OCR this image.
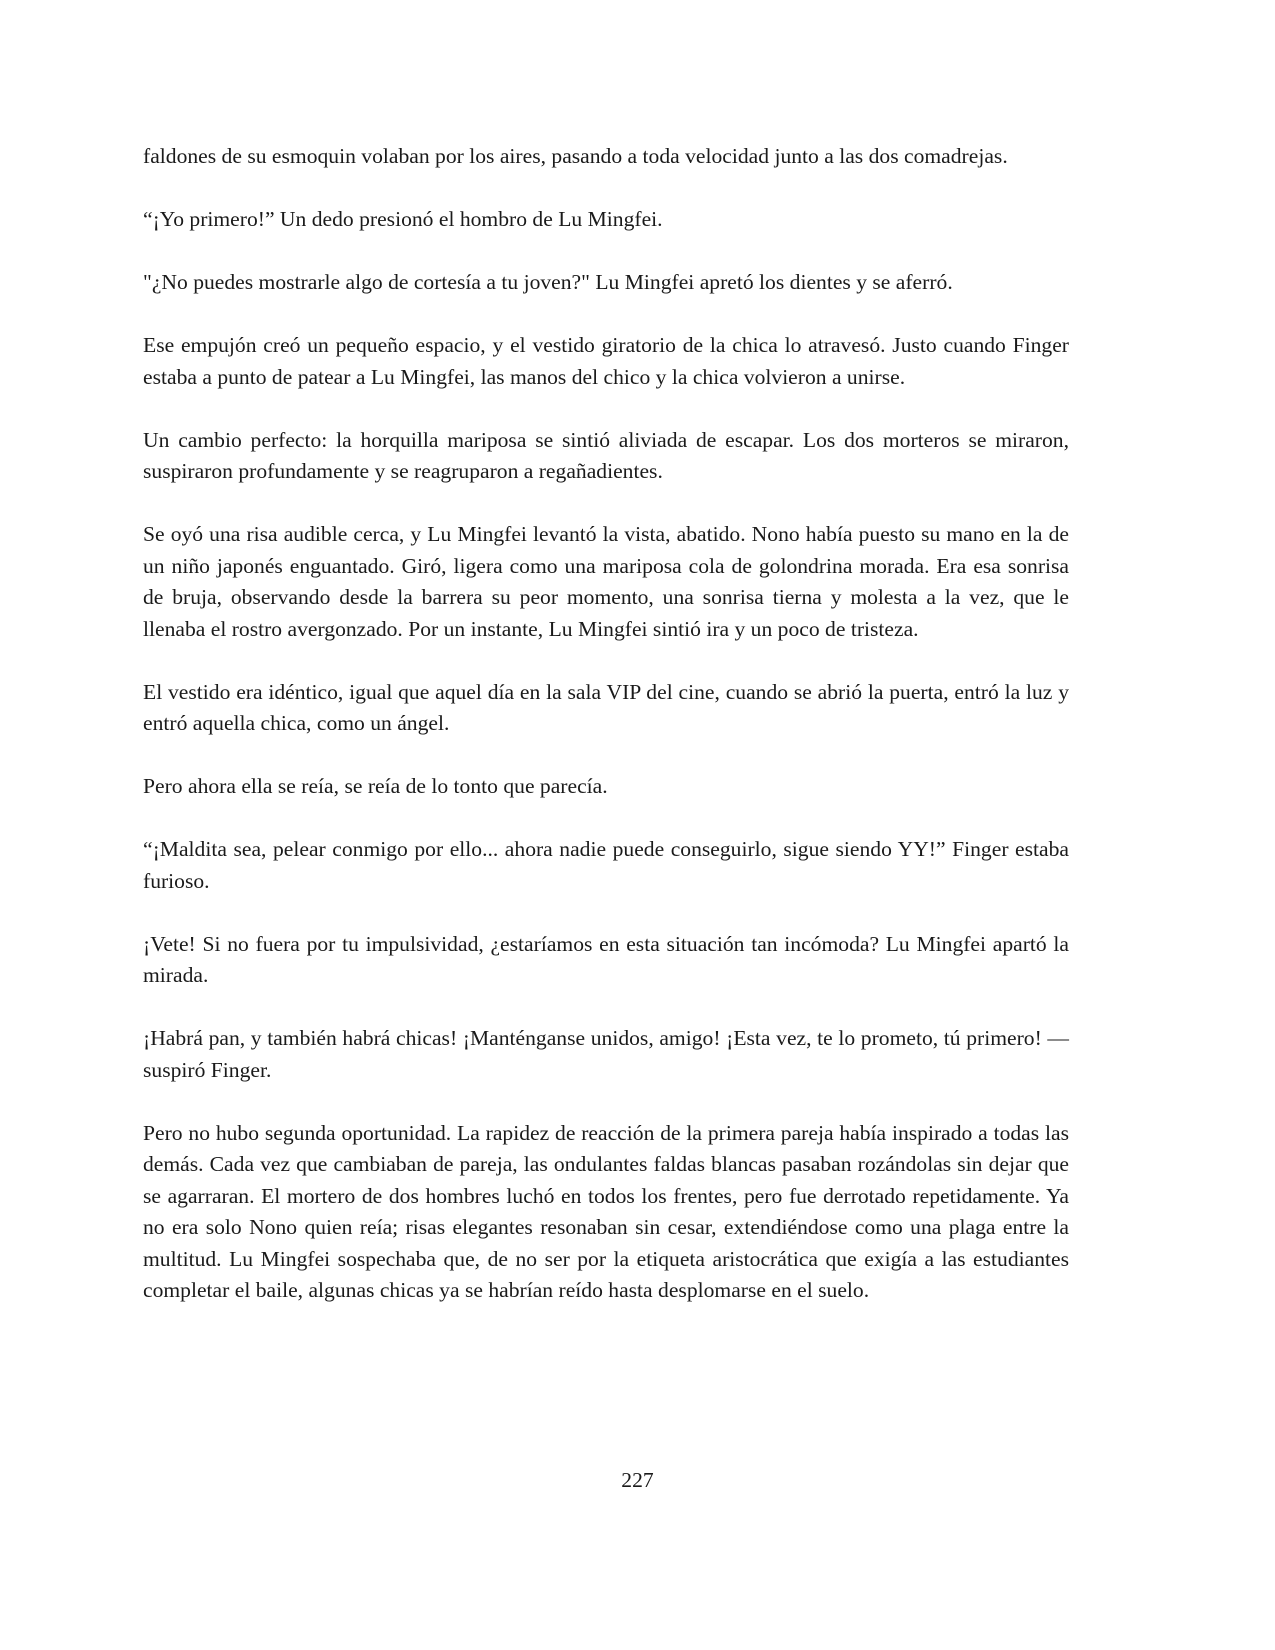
faldones de su esmoquin volaban por los aires, pasando a toda velocidad junto a las dos comadrejas.

“¡Yo primero!” Un dedo presionó el hombro de Lu Mingfei.

"¿No puedes mostrarle algo de cortesía a tu joven?" Lu Mingfei apretó los dientes y se aferró.

Ese empujón creó un pequeño espacio, y el vestido giratorio de la chica lo atravesó. Justo cuando Finger estaba a punto de patear a Lu Mingfei, las manos del chico y la chica volvieron a unirse.

Un cambio perfecto: la horquilla mariposa se sintió aliviada de escapar. Los dos morteros se miraron, suspiraron profundamente y se reagruparon a regañadientes.

Se oyó una risa audible cerca, y Lu Mingfei levantó la vista, abatido. Nono había puesto su mano en la de un niño japonés enguantado. Giró, ligera como una mariposa cola de golondrina morada. Era esa sonrisa de bruja, observando desde la barrera su peor momento, una sonrisa tierna y molesta a la vez, que le llenaba el rostro avergonzado. Por un instante, Lu Mingfei sintió ira y un poco de tristeza.

El vestido era idéntico, igual que aquel día en la sala VIP del cine, cuando se abrió la puerta, entró la luz y entró aquella chica, como un ángel.

Pero ahora ella se reía, se reía de lo tonto que parecía.

“¡Maldita sea, pelear conmigo por ello... ahora nadie puede conseguirlo, sigue siendo YY!” Finger estaba furioso.

¡Vete! Si no fuera por tu impulsividad, ¿estaríamos en esta situación tan incómoda? Lu Mingfei apartó la mirada.

¡Habrá pan, y también habrá chicas! ¡Manténganse unidos, amigo! ¡Esta vez, te lo prometo, tú primero! —suspiró Finger.

Pero no hubo segunda oportunidad. La rapidez de reacción de la primera pareja había inspirado a todas las demás. Cada vez que cambiaban de pareja, las ondulantes faldas blancas pasaban rozándolas sin dejar que se agarraran. El mortero de dos hombres luchó en todos los frentes, pero fue derrotado repetidamente. Ya no era solo Nono quien reía; risas elegantes resonaban sin cesar, extendiéndose como una plaga entre la multitud. Lu Mingfei sospechaba que, de no ser por la etiqueta aristocrática que exigía a las estudiantes completar el baile, algunas chicas ya se habrían reído hasta desplomarse en el suelo.

227
